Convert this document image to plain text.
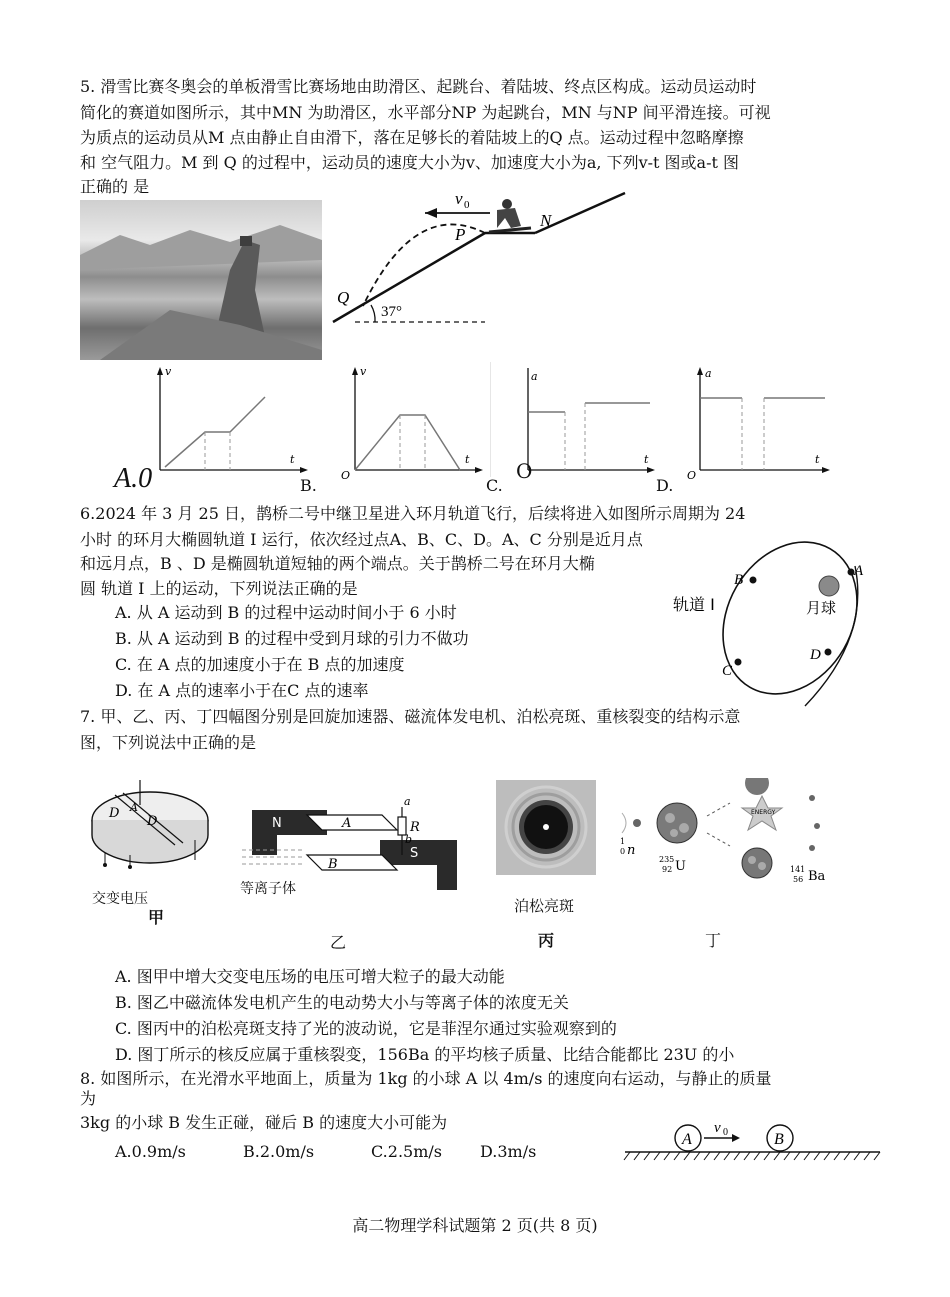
5. 滑雪比赛冬奥会的单板滑雪比赛场地由助滑区、起跳台、着陆坡、终点区构成。运动员运动时
简化的赛道如图所示，其中MN 为助滑区，水平部分NP 为起跳台，MN 与NP 间平滑连接。可视
为质点的运动员从M 点由静止自由滑下，落在足够长的着陆坡上的Q 点。运动过程中忽略摩擦
和 空气阻力。M 到 Q 的过程中，运动员的速度大小为v、加速度大小为a, 下列v-t 图或a-t 图
正确的 是
v 0
P
N
Q
37°
v
t
A.0
v
t
O
B.
a
t
O
C.
a
t
O
D.
6.2024 年 3 月 25 日，鹊桥二号中继卫星进入环月轨道飞行，后续将进入如图所示周期为 24
小时 的环月大椭圆轨道 I 运行，依次经过点A、B、C、D。A、C 分别是近月点
和远月点，B 、D 是椭圆轨道短轴的两个端点。关于鹊桥二号在环月大椭
圆 轨道 I 上的运动，下列说法正确的是
A. 从 A 运动到 B 的过程中运动时间小于 6 小时
B. 从 A 运动到 B 的过程中受到月球的引力不做功
C. 在 A 点的加速度小于在 B 点的加速度
D. 在 A 点的速率小于在C 点的速率
A
B
C
D
轨道 I	月球
7. 甲、乙、丙、丁四幅图分别是回旋加速器、磁流体发电机、泊松亮斑、重核裂变的结构示意
图，下列说法中正确的是
D
D
A
交变电压
甲
N
S
A
B
R
a
b
等离子体
乙
泊松亮斑
丙
ENERGY
1
0 n
235
92 U	141
56 Ba
丁
A. 图甲中增大交变电压场的电压可增大粒子的最大动能
B. 图乙中磁流体发电机产生的电动势大小与等离子体的浓度无关
C. 图丙中的泊松亮斑支持了光的波动说，它是菲涅尔通过实验观察到的
D. 图丁所示的核反应属于重核裂变，156Ba 的平均核子质量、比结合能都比 23U 的小
8. 如图所示，在光滑水平地面上，质量为 1kg 的小球 A 以 4m/s 的速度向右运动，与静止的质量
为
3kg 的小球 B 发生正碰，碰后 B 的速度大小可能为
A.0.9m/s	B.2.0m/s	C.2.5m/s D.3m/s
A	B
v 0
高二物理学科试题第 2 页(共 8 页)
